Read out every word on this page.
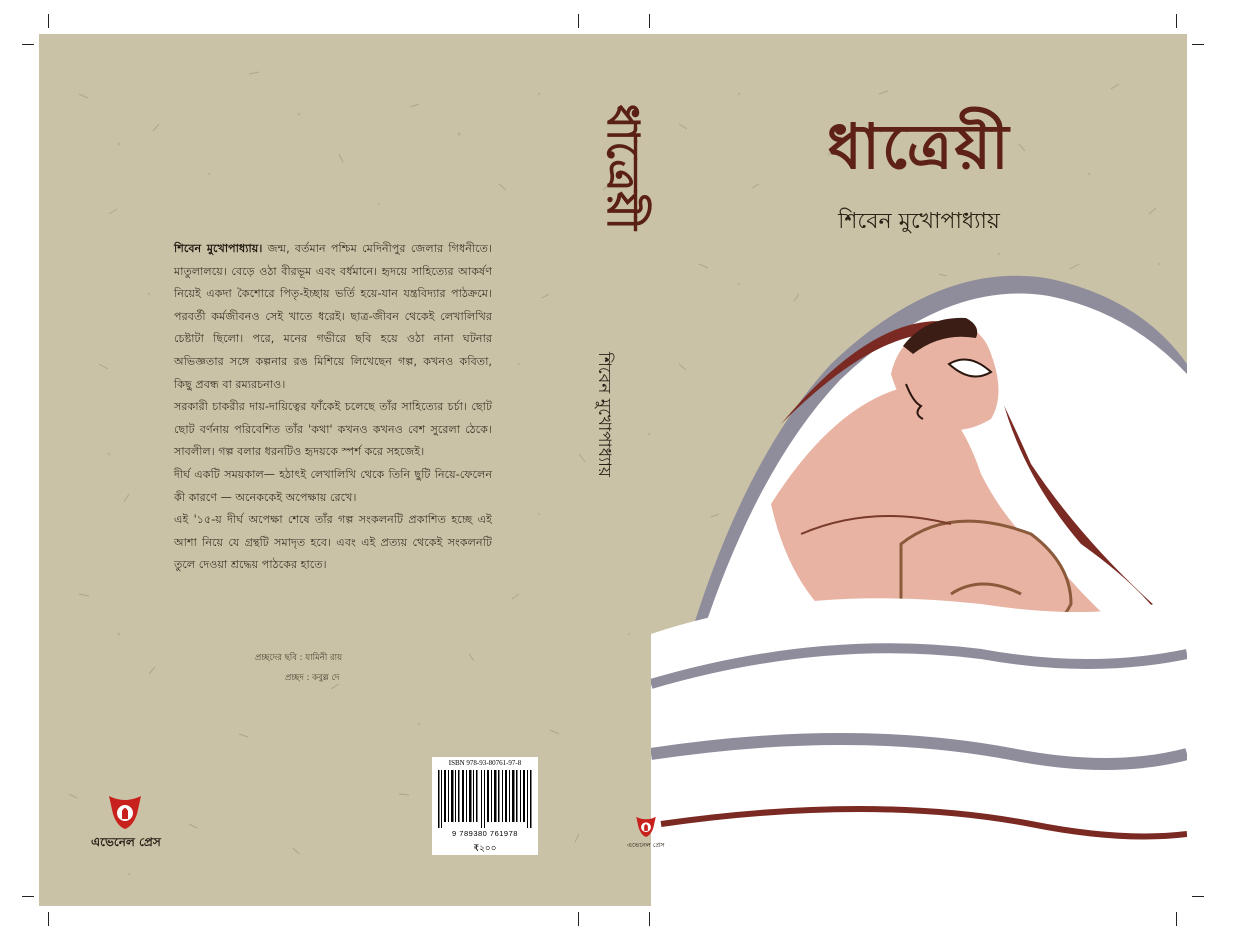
শিবেন মুখোপাধ্যায়। জন্ম, বর্তমান পশ্চিম মেদিনীপুর জেলার গিধনীতে। মাতুলালয়ে। বেড়ে ওঠা বীরভূম এবং বর্ধমানে। হৃদয়ে সাহিত্যের আকর্ষণ নিয়েই একদা কৈশোরে পিতৃ-ইচ্ছায় ভর্তি হয়ে-যান যন্ত্রবিদ্যার পাঠক্রমে। পরবর্তী কর্মজীবনও সেই খাতে ধরেই। ছাত্র-জীবন থেকেই লেখালিখির চেষ্টাটা ছিলো। পরে, মনের গভীরে ছবি হয়ে ওঠা নানা ঘটনার অভিজ্ঞতার সঙ্গে কল্পনার রঙ মিশিয়ে লিখেছেন গল্প, কখনও কবিতা, কিছু প্রবন্ধ বা রম্যরচনাও।

সরকারী চাকরীর দায়-দায়িত্বের ফাঁকেই চলেছে তাঁর সাহিত্যের চর্চা। ছোট ছোট বর্ণনায় পরিবেশিত তাঁর 'কথা' কখনও কখনও বেশ সুরেলা ঠেকে। সাবলীল। গল্প বলার ধরনটিও হৃদয়কে স্পর্শ করে সহজেই।

দীর্ঘ একটি সময়কাল— হঠাৎই লেখালিখি থেকে তিনি ছুটি নিয়ে-ফেলেন কী কারণে — অনেককেই অপেক্ষায় রেখে।

এই '১৫-য় দীর্ঘ অপেক্ষা শেষে তাঁর গল্প সংকলনটি প্রকাশিত হচ্ছে এই আশা নিয়ে যে গ্রন্থটি সমাদৃত হবে। এবং এই প্রত্যয় থেকেই সংকলনটি তুলে দেওয়া শ্রদ্ধেয় পাঠকের হাতে।

প্রচ্ছদের ছবি : যামিনী রায়
প্রচ্ছদ : কবুল্ল দে
এভেনেল প্রেস
ISBN 978-93-80761-97-8
9 789380 761978
₹২০০
ধাত্রেয়ী
শিবেন মুখোপাধ্যায়
ধাত্রেয়ী
শিবেন মুখোপাধ্যায়
এভেনেল প্রেস
